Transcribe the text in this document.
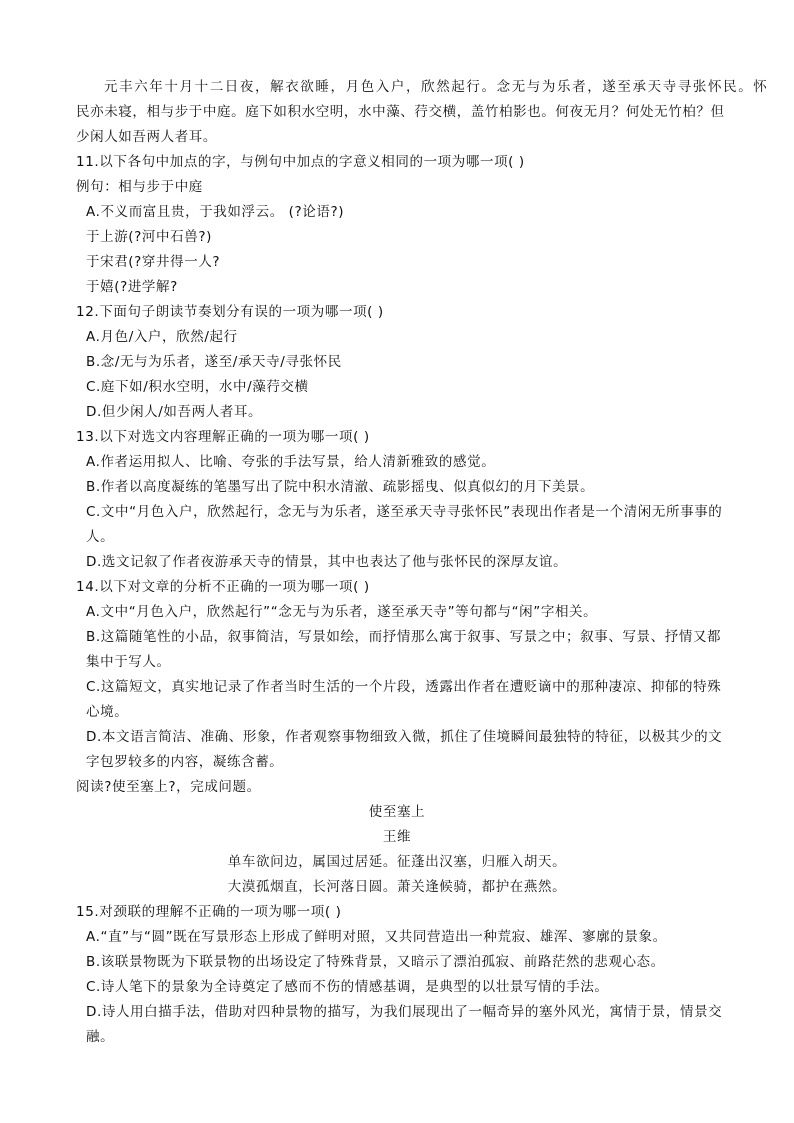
元丰六年十月十二日夜，解衣欲睡，月色入户，欣然起行。念无与为乐者，遂至承天寺寻张怀民。怀
民亦未寝，相与步于中庭。庭下如积水空明，水中藻、荇交横，盖竹柏影也。何夜无月？何处无竹柏？但
少闲人如吾两人者耳。
11.以下各句中加点的字，与例句中加点的字意义相同的一项为哪一项( )
例句：相与步于中庭
A.不义而富且贵，于我如浮云。 (?论语?)
于上游(?河中石兽?)
于宋君(?穿井得一人?
于嬉(?进学解?
12.下面句子朗读节奏划分有误的一项为哪一项( )
A.月色/入户，欣然/起行
B.念/无与为乐者，遂至/承天寺/寻张怀民
C.庭下如/积水空明，水中/藻荇交横
D.但少闲人/如吾两人者耳。
13.以下对选文内容理解正确的一项为哪一项( )
A.作者运用拟人、比喻、夸张的手法写景，给人清新雅致的感觉。
B.作者以高度凝练的笔墨写出了院中积水清澈、疏影摇曳、似真似幻的月下美景。
C.文中“月色入户，欣然起行，念无与为乐者，遂至承天寺寻张怀民”表现出作者是一个清闲无所事事的
人。
D.选文记叙了作者夜游承天寺的情景，其中也表达了他与张怀民的深厚友谊。
14.以下对文章的分析不正确的一项为哪一项( )
A.文中“月色入户，欣然起行”“念无与为乐者，遂至承天寺”等句都与“闲”字相关。
B.这篇随笔性的小品，叙事简洁，写景如绘，而抒情那么寓于叙事、写景之中；叙事、写景、抒情又都
集中于写人。
C.这篇短文，真实地记录了作者当时生活的一个片段，透露出作者在遭贬谪中的那种凄凉、抑郁的特殊
心境。
D.本文语言简洁、准确、形象，作者观察事物细致入微，抓住了佳境瞬间最独特的特征，以极其少的文
字包罗较多的内容，凝练含蓄。
阅读?使至塞上?，完成问题。
使至塞上
王维
单车欲问边，属国过居延。征蓬出汉塞，归雁入胡天。
大漠孤烟直，长河落日圆。萧关逢候骑，都护在燕然。
15.对颈联的理解不正确的一项为哪一项( )
A.“直”与“圆”既在写景形态上形成了鲜明对照，又共同营造出一种荒寂、雄浑、寥廓的景象。
B.该联景物既为下联景物的出场设定了特殊背景，又暗示了漂泊孤寂、前路茫然的悲观心态。
C.诗人笔下的景象为全诗奠定了感而不伤的情感基调，是典型的以壮景写情的手法。
D.诗人用白描手法，借助对四种景物的描写，为我们展现出了一幅奇异的塞外风光，寓情于景，情景交
融。
